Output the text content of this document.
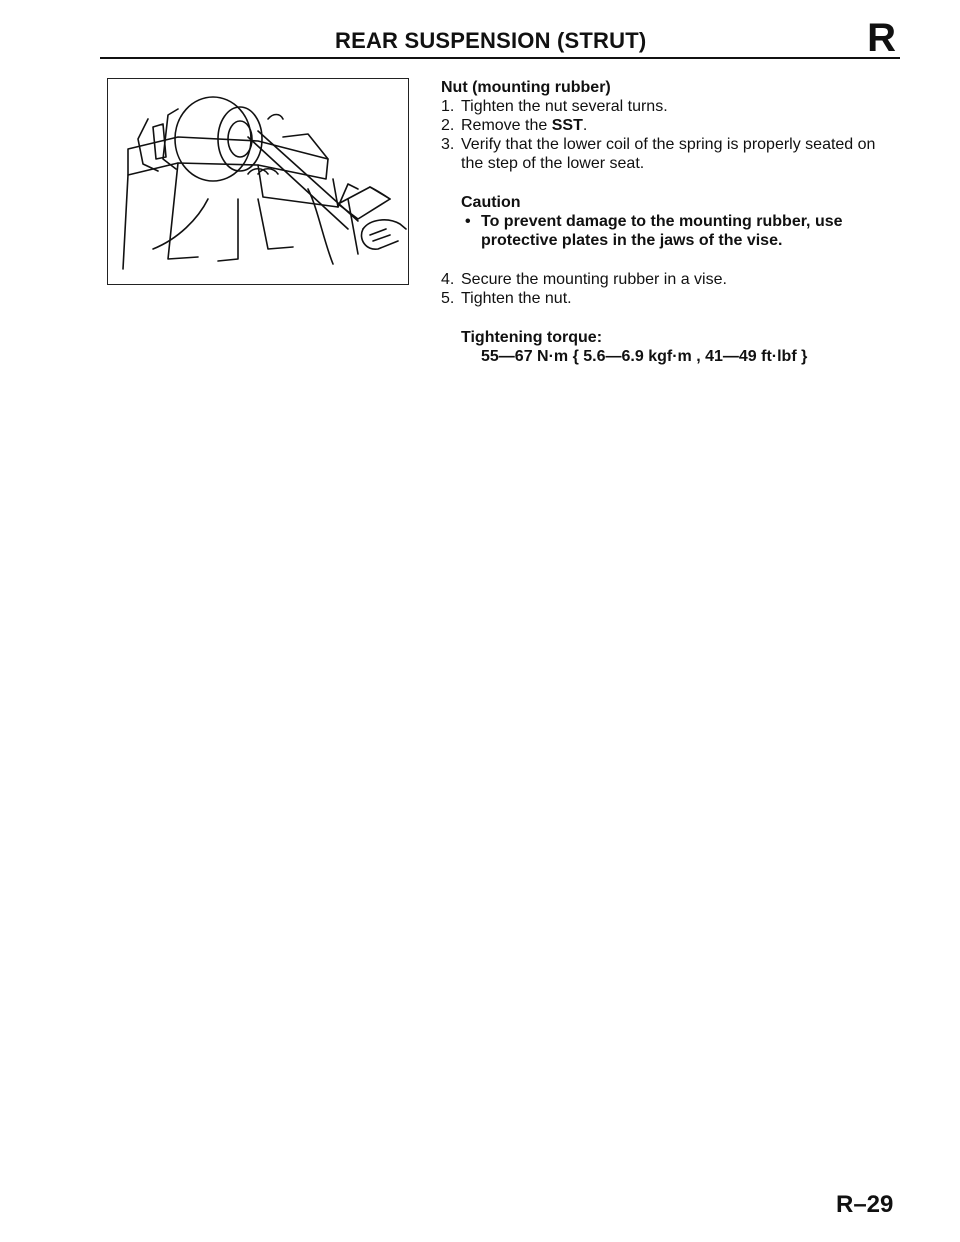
REAR SUSPENSION (STRUT)	R
Nut (mounting rubber)
1. Tighten the nut several turns.
2. Remove the SST.
3. Verify that the lower coil of the spring is properly seated on the step of the lower seat.
Caution
• To prevent damage to the mounting rubber, use protective plates in the jaws of the vise.
4. Secure the mounting rubber in a vise.
5. Tighten the nut.
Tightening torque:
55—67 N·m { 5.6—6.9 kgf·m , 41—49 ft·lbf }
R–29
